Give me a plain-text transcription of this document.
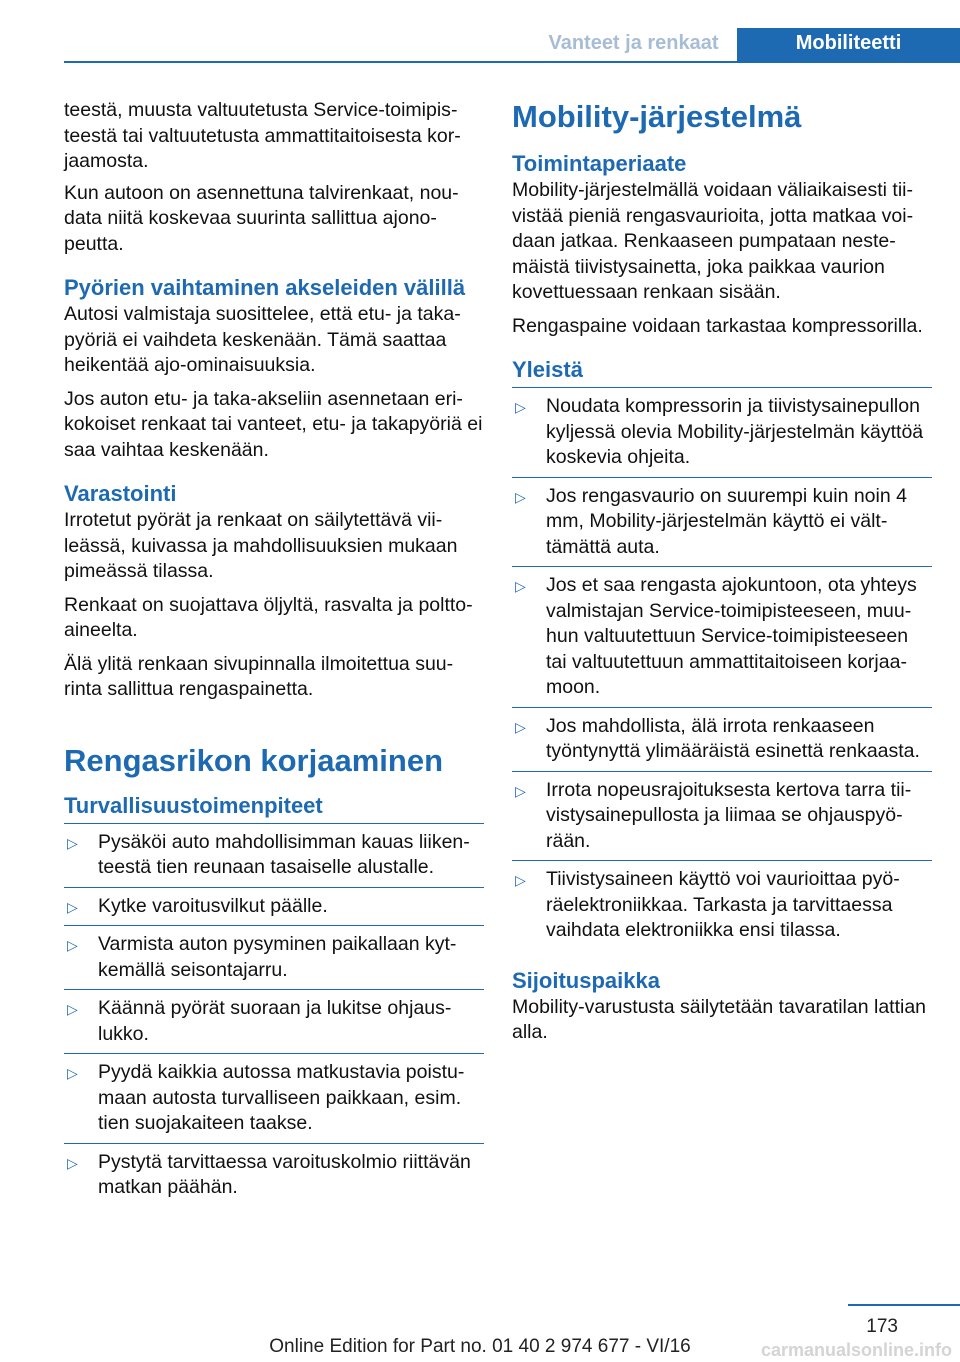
Vanteet ja renkaat	Mobiliteetti

teestä, muusta valtuutetusta Service-toimipisteestä tai valtuutetusta ammattitaitoisesta korjaamosta.

Kun autoon on asennettuna talvirenkaat, noudata niitä koskevaa suurinta sallittua ajonopeutta.

Pyörien vaihtaminen akseleiden välillä

Autosi valmistaja suosittelee, että etu- ja takapyöriä ei vaihdeta keskenään. Tämä saattaa heikentää ajo-ominaisuuksia.

Jos auton etu- ja taka-akseliin asennetaan erikokoiset renkaat tai vanteet, etu- ja takapyöriä ei saa vaihtaa keskenään.

Varastointi

Irrotetut pyörät ja renkaat on säilytettävä viileässä, kuivassa ja mahdollisuuksien mukaan pimeässä tilassa.

Renkaat on suojattava öljyltä, rasvalta ja polttoaineelta.

Älä ylitä renkaan sivupinnalla ilmoitettua suurinta sallittua rengaspainetta.

Rengasrikon korjaaminen
Turvallisuustoimenpiteet
▷ Pysäköi auto mahdollisimman kauas liikenteestä tien reunaan tasaiselle alustalle.
▷ Kytke varoitusvilkut päälle.
▷ Varmista auton pysyminen paikallaan kytkemällä seisontajarru.
▷ Käännä pyörät suoraan ja lukitse ohjauslukko.
▷ Pyydä kaikkia autossa matkustavia poistumaan autosta turvalliseen paikkaan, esim. tien suojakaiteen taakse.
▷ Pystytä tarvittaessa varoituskolmio riittävän matkan päähän.
Mobility-järjestelmä
Toimintaperiaate

Mobility-järjestelmällä voidaan väliaikaisesti tiivistää pieniä rengasvaurioita, jotta matkaa voidaan jatkaa. Renkaaseen pumpataan nestemäistä tiivistysainetta, joka paikkaa vaurion kovettuessaan renkaan sisään.

Rengaspaine voidaan tarkastaa kompressorilla.

Yleistä
▷ Noudata kompressorin ja tiivistysainepullon kyljessä olevia Mobility-järjestelmän käyttöä koskevia ohjeita.
▷ Jos rengasvaurio on suurempi kuin noin 4 mm, Mobility-järjestelmän käyttö ei välttämättä auta.
▷ Jos et saa rengasta ajokuntoon, ota yhteys valmistajan Service-toimipisteeseen, muuhun valtuutettuun Service-toimipisteeseen tai valtuutettuun ammattitaitoiseen korjaamoon.
▷ Jos mahdollista, älä irrota renkaaseen työntynyttä ylimääräistä esinettä renkaasta.
▷ Irrota nopeusrajoituksesta kertova tarra tiivistysainepullosta ja liimaa se ohjauspyörään.
▷ Tiivistysaineen käyttö voi vaurioittaa pyöräelektroniikkaa. Tarkasta ja tarvittaessa vaihdata elektroniikka ensi tilassa.
Sijoituspaikka

Mobility-varustusta säilytetään tavaratilan lattian alla.

173
Online Edition for Part no. 01 40 2 974 677 - VI/16	carmanualsonline.info
